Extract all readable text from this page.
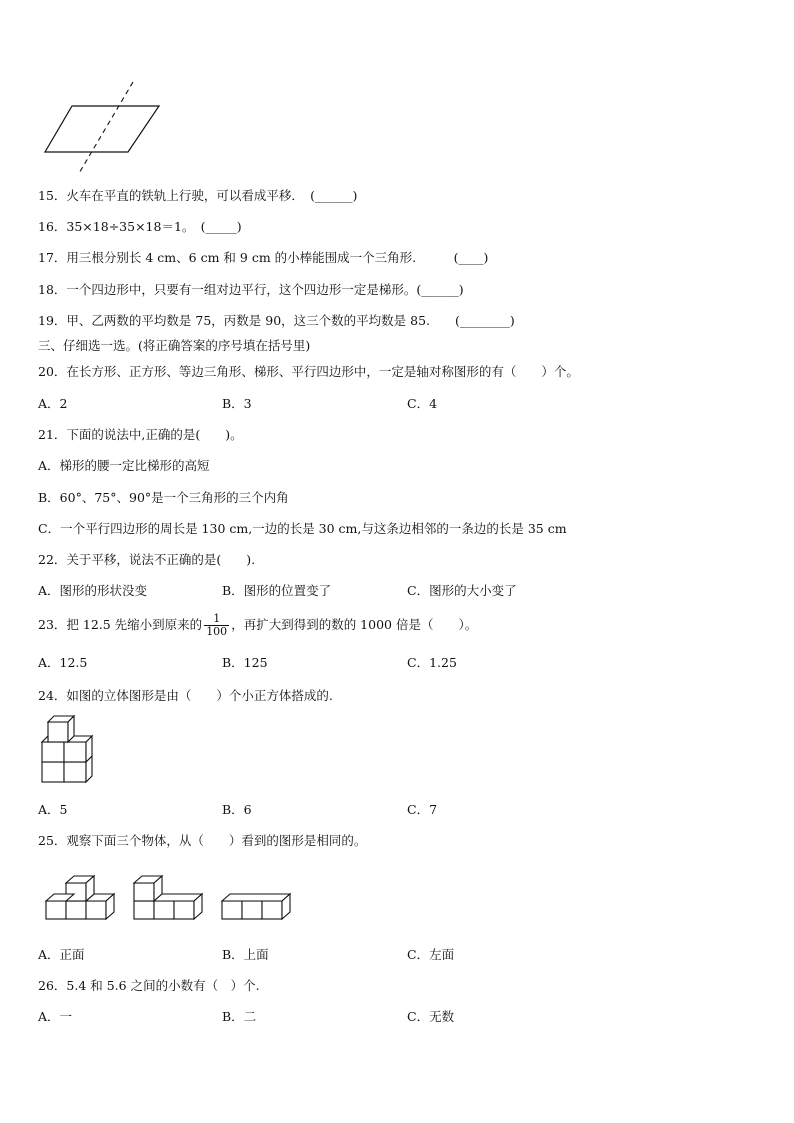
15．火车在平直的铁轨上行驶，可以看成平移．　(______)
16．35×18÷35×18＝1。　(_____)
17．用三根分别长 4 cm、6 cm 和 9 cm 的小棒能围成一个三角形.　　　(____)
18．一个四边形中，只要有一组对边平行，这个四边形一定是梯形。(______)
19．甲、乙两数的平均数是 75，丙数是 90，这三个数的平均数是 85.　　(________)
三、仔细选一选。(将正确答案的序号填在括号里)
20．在长方形、正方形、等边三角形、梯形、平行四边形中，一定是轴对称图形的有（　　）个。
A．2	B．3	C．4
21．下面的说法中,正确的是(　　)。
A．梯形的腰一定比梯形的高短
B．60°、75°、90°是一个三角形的三个内角
C．一个平行四边形的周长是 130 cm,一边的长是 30 cm,与这条边相邻的一条边的长是 35 cm
22．关于平移，说法不正确的是(　　).
A．图形的形状没变	B．图形的位置变了	C．图形的大小变了
23．把 12.5 先缩小到原来的 $\frac{1}{100}$ ，再扩大到得到的数的 1000 倍是（　　）。
A．12.5	B．125	C．1.25
24．如图的立体图形是由（　　）个小正方体搭成的.
A．5	B．6	C．7
25．观察下面三个物体，从（　　）看到的图形是相同的。
A．正面	B．上面	C．左面
26．5.4 和 5.6 之间的小数有（　）个.
A．一	B．二	C．无数
